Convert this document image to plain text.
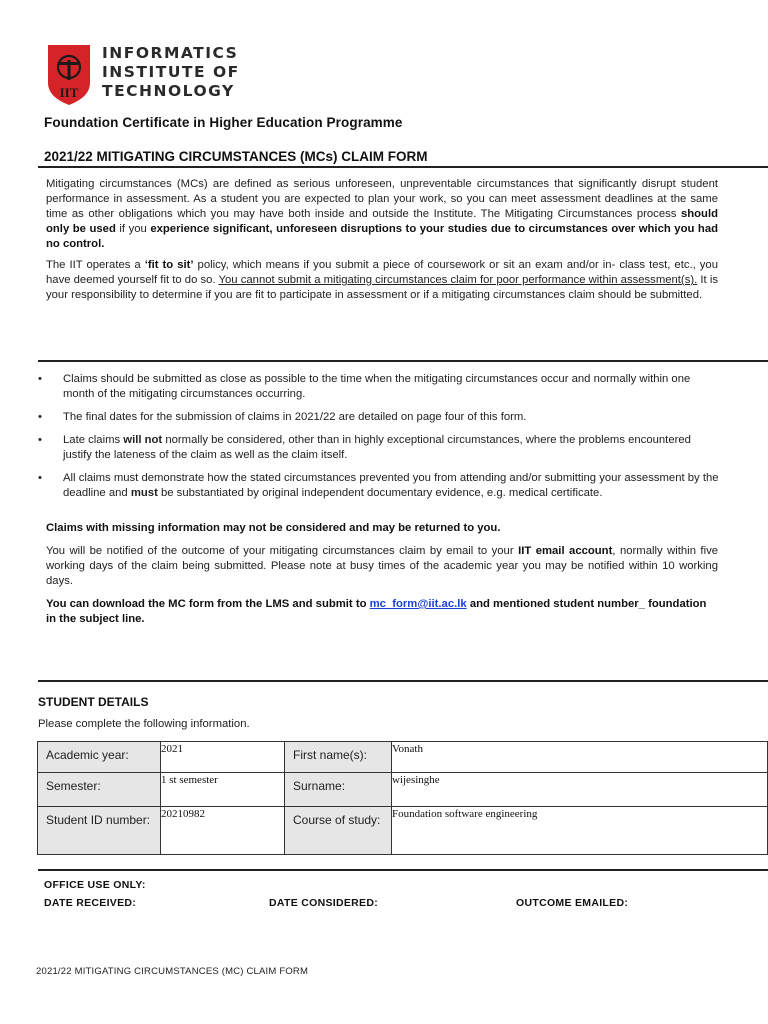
IIT
INFORMATICS
INSTITUTE OF
TECHNOLOGY
Foundation Certificate in Higher Education Programme
2021/22 MITIGATING CIRCUMSTANCES (MCs) CLAIM FORM
Mitigating circumstances (MCs) are defined as serious unforeseen, unpreventable circumstances that significantly disrupt student performance in assessment. As a student you are expected to plan your work, so you can meet assessment deadlines at the same time as other obligations which you may have both inside and outside the Institute. The Mitigating Circumstances process should only be used if you experience significant, unforeseen disruptions to your studies due to circumstances over which you had no control.
The IIT operates a ‘fit to sit’ policy, which means if you submit a piece of coursework or sit an exam and/or in- class test, etc., you have deemed yourself fit to do so. You cannot submit a mitigating circumstances claim for poor performance within assessment(s). It is your responsibility to determine if you are fit to participate in assessment or if a mitigating circumstances claim should be submitted.
• Claims should be submitted as close as possible to the time when the mitigating circumstances occur and normally within one month of the mitigating circumstances occurring.
• The final dates for the submission of claims in 2021/22 are detailed on page four of this form.
• Late claims will not normally be considered, other than in highly exceptional circumstances, where the problems encountered justify the lateness of the claim as well as the claim itself.
• All claims must demonstrate how the stated circumstances prevented you from attending and/or submitting your assessment by the deadline and must be substantiated by original independent documentary evidence, e.g. medical certificate.
Claims with missing information may not be considered and may be returned to you.
You will be notified of the outcome of your mitigating circumstances claim by email to your IIT email account, normally within five working days of the claim being submitted. Please note at busy times of the academic year you may be notified within 10 working days.
You can download the MC form from the LMS and submit to mc_form@iit.ac.lk and mentioned student number_ foundation in the subject line.
STUDENT DETAILS
Please complete the following information.
Academic year:	2021	First name(s):	Vonath
Semester:	1 st semester	Surname:	wijesinghe
Student ID number:	20210982	Course of study:	Foundation software engineering
OFFICE USE ONLY:
DATE RECEIVED:	DATE CONSIDERED:	OUTCOME EMAILED:
2021/22 MITIGATING CIRCUMSTANCES (MC) CLAIM FORM
